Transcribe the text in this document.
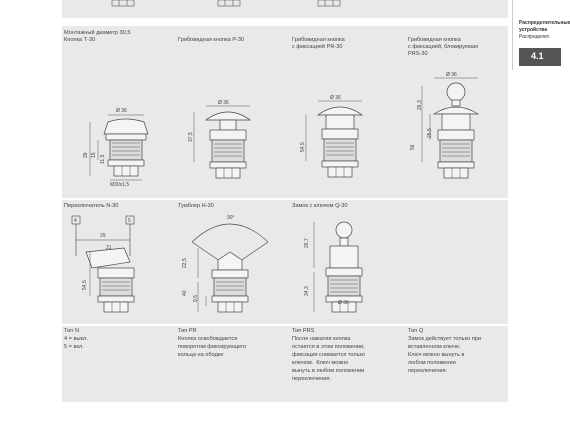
Распределительные
устройства
Распределит.
4.1
Монтажный диаметр 30,5
Кнопка Т-30	Грибовидная кнопка Р-30	Грибовидная кнопка
с фиксацией PR-30
Грибовидная кнопка
с фиксацией, блокируемая
PRS-30
Ø 36
M30x1,5
39 15 11,5
Ø 36
37,5
Ø 36
54,5
Ø 36
26,3
25,5
56
Переключатель N-30	Тумблер H-30	Замок с ключом Q-30
4	5
29
21
54,5
90°
22,5
40
9,5
26,7
34,3
Ø 36
Тип N
4 = выкл.
5 = вкл.
Тип PR
Кнопка освобождается
поворотом фиксирующего
кольца на ободке
Тип PRS
После нажатия кнопка
остается в этом положении,
фиксация снимается только
ключом.  Ключ можно
вынуть в любом положении
переключения.
Тип Q
Замок действует только при
вставленном ключе.
Ключ можно вынуть в
любом положении
переключения.
